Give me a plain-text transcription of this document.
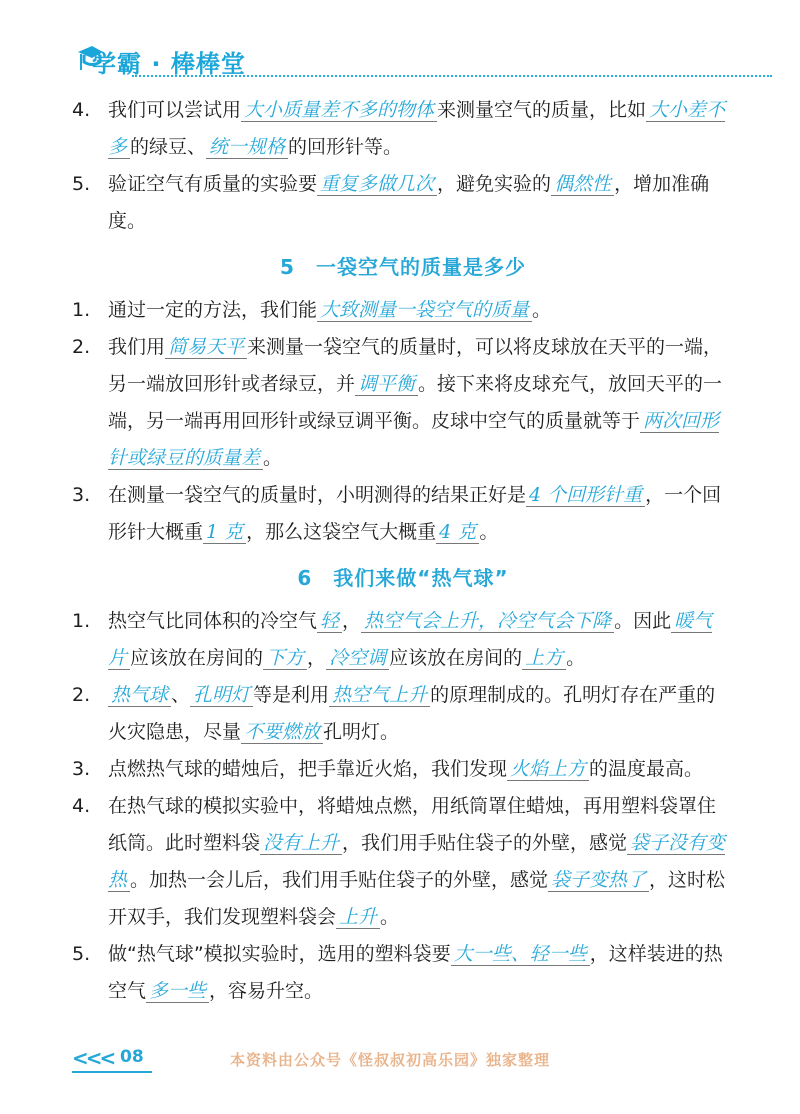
学霸 · 棒棒堂
4. 我们可以尝试用 大小质量差不多的物体 来测量空气的质量，比如 大小差不多 的绿豆、 统一规格 的回形针等。
5. 验证空气有质量的实验要 重复多做几次 ，避免实验的 偶然性 ，增加准确度。
5　一袋空气的质量是多少
1. 通过一定的方法，我们能 大致测量一袋空气的质量 。
2. 我们用 简易天平 来测量一袋空气的质量时，可以将皮球放在天平的一端，另一端放回形针或者绿豆，并 调平衡 。接下来将皮球充气，放回天平的一端，另一端再用回形针或绿豆调平衡。皮球中空气的质量就等于 两次回形针或绿豆的质量差 。
3. 在测量一袋空气的质量时，小明测得的结果正好是 4 个回形针重 ，一个回形针大概重 1 克 ，那么这袋空气大概重 4 克 。
6　我们来做“热气球”
1. 热空气比同体积的冷空气 轻 ， 热空气会上升，冷空气会下降 。因此 暖气片 应该放在房间的 下方 ， 冷空调 应该放在房间的 上方 。
2. 热气球 、 孔明灯 等是利用 热空气上升 的原理制成的。孔明灯存在严重的火灾隐患，尽量 不要燃放 孔明灯。
3. 点燃热气球的蜡烛后，把手靠近火焰，我们发现 火焰上方 的温度最高。
4. 在热气球的模拟实验中，将蜡烛点燃，用纸筒罩住蜡烛，再用塑料袋罩住纸筒。此时塑料袋 没有上升 ，我们用手贴住袋子的外壁，感觉 袋子没有变热 。加热一会儿后，我们用手贴住袋子的外壁，感觉 袋子变热了 ，这时松开双手，我们发现塑料袋会 上升 。
5. 做“热气球”模拟实验时，选用的塑料袋要 大一些、轻一些 ，这样装进的热空气 多一些 ，容易升空。
<<< 08	本资料由公众号《怪叔叔初高乐园》独家整理
